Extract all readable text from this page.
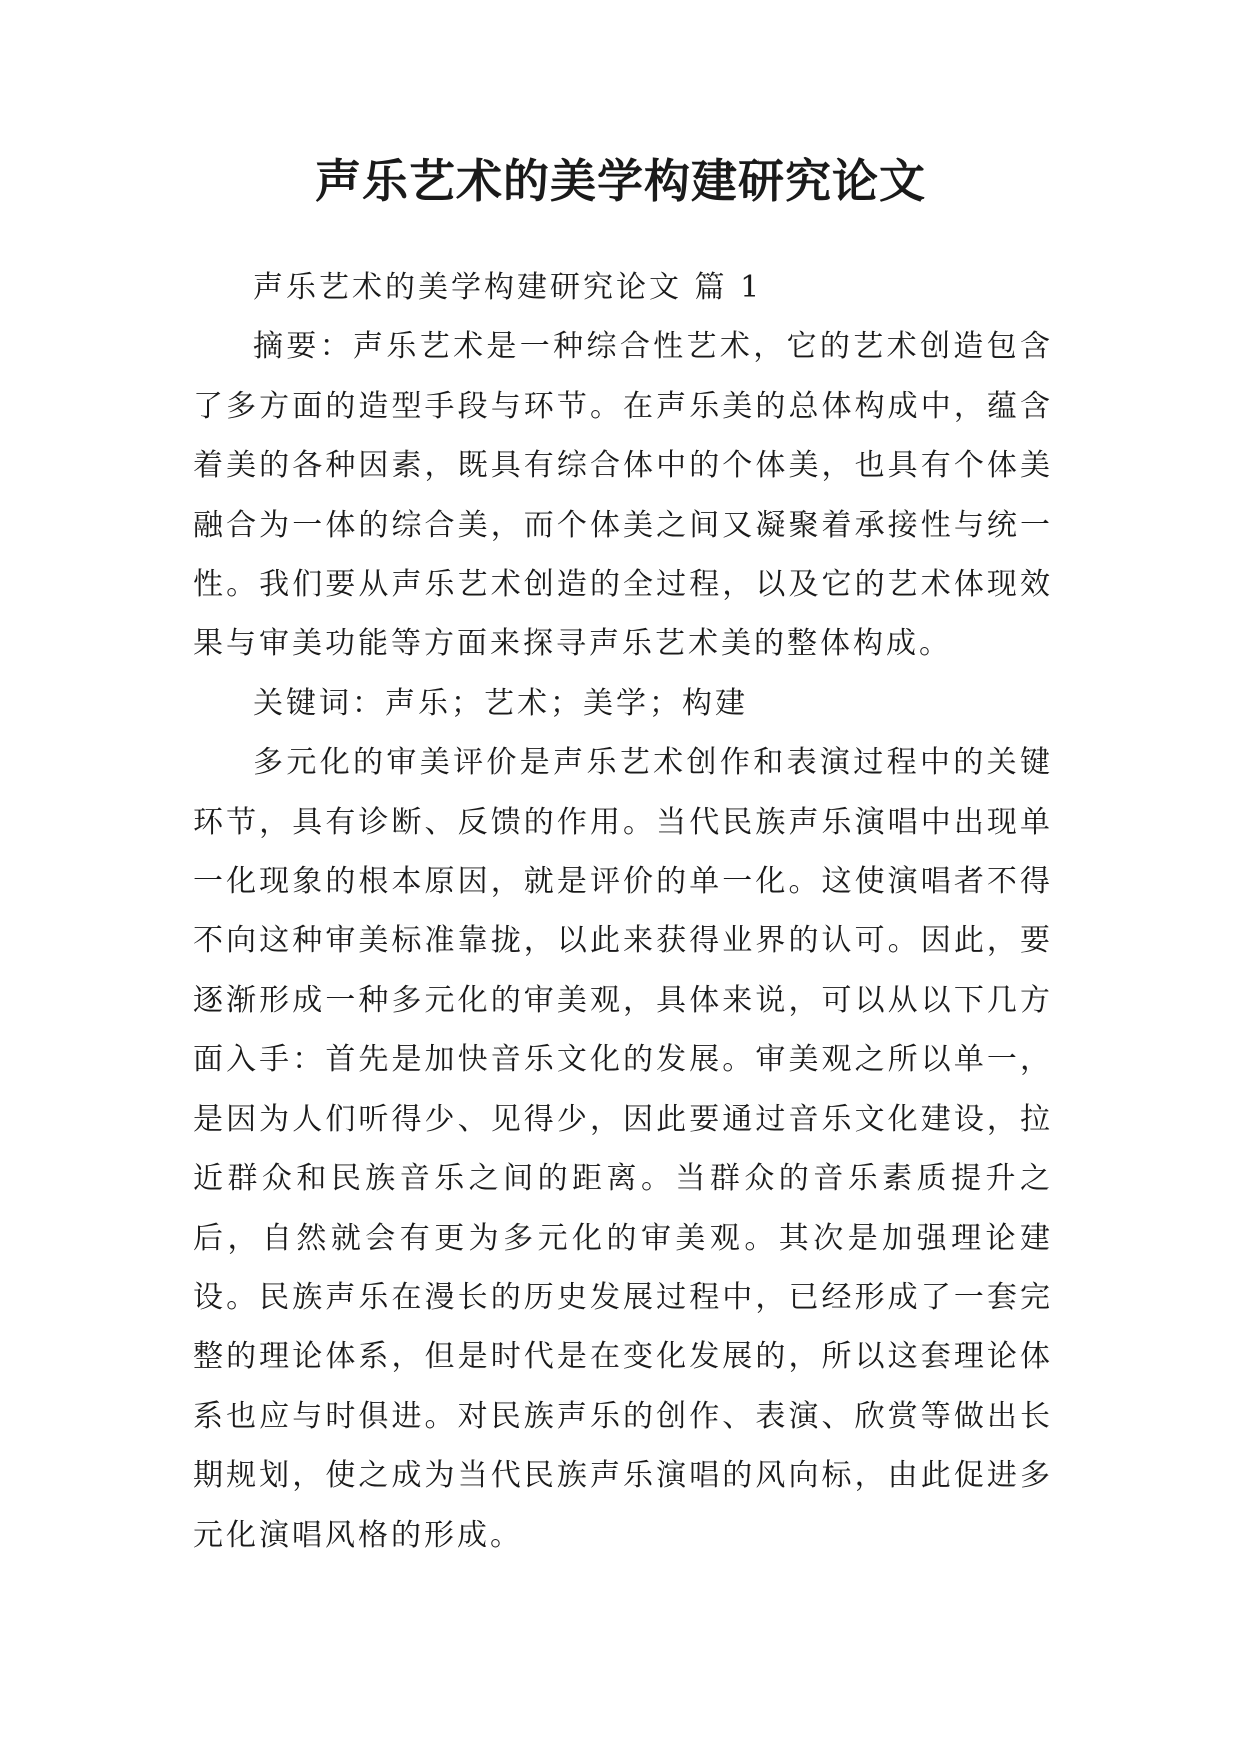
声乐艺术的美学构建研究论文

声乐艺术的美学构建研究论文 篇 1

摘要：声乐艺术是一种综合性艺术，它的艺术创造包含了多方面的造型手段与环节。在声乐美的总体构成中，蕴含着美的各种因素，既具有综合体中的个体美，也具有个体美融合为一体的综合美，而个体美之间又凝聚着承接性与统一性。我们要从声乐艺术创造的全过程，以及它的艺术体现效果与审美功能等方面来探寻声乐艺术美的整体构成。

关键词：声乐；艺术；美学；构建

多元化的审美评价是声乐艺术创作和表演过程中的关键环节，具有诊断、反馈的作用。当代民族声乐演唱中出现单一化现象的根本原因，就是评价的单一化。这使演唱者不得不向这种审美标准靠拢，以此来获得业界的认可。因此，要逐渐形成一种多元化的审美观，具体来说，可以从以下几方面入手：首先是加快音乐文化的发展。审美观之所以单一，是因为人们听得少、见得少，因此要通过音乐文化建设，拉近群众和民族音乐之间的距离。当群众的音乐素质提升之后，自然就会有更为多元化的审美观。其次是加强理论建设。民族声乐在漫长的历史发展过程中，已经形成了一套完整的理论体系，但是时代是在变化发展的，所以这套理论体系也应与时俱进。对民族声乐的创作、表演、欣赏等做出长期规划，使之成为当代民族声乐演唱的风向标，由此促进多元化演唱风格的形成。
